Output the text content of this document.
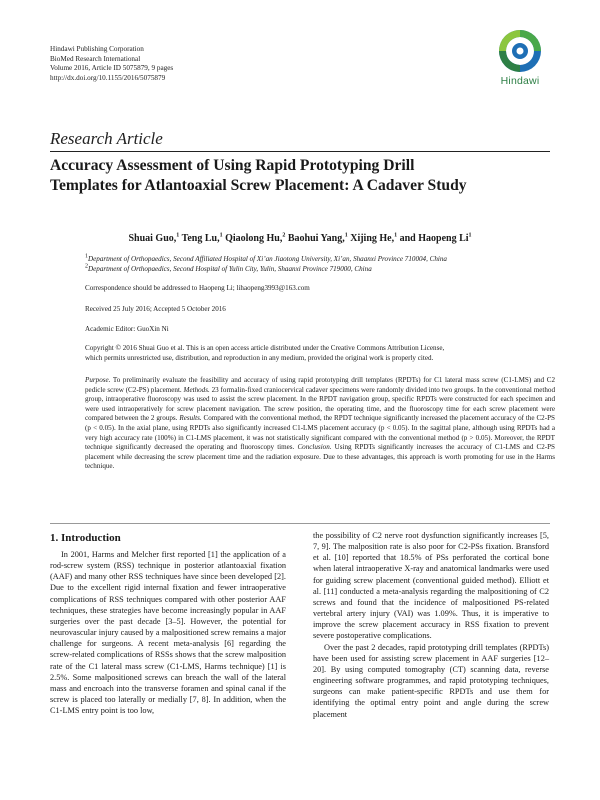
Hindawi Publishing Corporation
BioMed Research International
Volume 2016, Article ID 5075879, 9 pages
http://dx.doi.org/10.1155/2016/5075879	Hindawi
Research Article
Accuracy Assessment of Using Rapid Prototyping Drill
Templates for Atlantoaxial Screw Placement: A Cadaver Study
Shuai Guo,$^1$ Teng Lu,$^1$ Qiaolong Hu,$^2$ Baohui Yang,$^1$ Xijing He,$^1$ and Haopeng Li$^1$
$^1$Department of Orthopaedics, Second Affiliated Hospital of Xi’an Jiaotong University, Xi’an, Shaanxi Province 710004, China
$^2$Department of Orthopaedics, Second Hospital of Yulin City, Yulin, Shaanxi Province 719000, China
Correspondence should be addressed to Haopeng Li; lihaopeng3993@163.com
Received 25 July 2016; Accepted 5 October 2016
Academic Editor: GuoXin Ni
Copyright © 2016 Shuai Guo et al. This is an open access article distributed under the Creative Commons Attribution License,
which permits unrestricted use, distribution, and reproduction in any medium, provided the original work is properly cited.
Purpose. To preliminarily evaluate the feasibility and accuracy of using rapid prototyping drill templates (RPDTs) for C1 lateral mass screw (C1-LMS) and C2 pedicle screw (C2-PS) placement. Methods. 23 formalin-fixed craniocervical cadaver specimens were randomly divided into two groups. In the conventional method group, intraoperative fluoroscopy was used to assist the screw placement. In the RPDT navigation group, specific RPDTs were constructed for each specimen and were used intraoperatively for screw placement navigation. The screw position, the operating time, and the fluoroscopy time for each screw placement were compared between the 2 groups. Results. Compared with the conventional method, the RPDT technique significantly increased the placement accuracy of the C2-PS (p < 0.05). In the axial plane, using RPDTs also significantly increased C1-LMS placement accuracy (p < 0.05). In the sagittal plane, although using RPDTs had a very high accuracy rate (100%) in C1-LMS placement, it was not statistically significant compared with the conventional method (p > 0.05). Moreover, the RPDT technique significantly decreased the operating and fluoroscopy times. Conclusion. Using RPDTs significantly increases the accuracy of C1-LMS and C2-PS placement while decreasing the screw placement time and the radiation exposure. Due to these advantages, this approach is worth promoting for use in the Harms technique.
1. Introduction

In 2001, Harms and Melcher first reported [1] the application of a rod-screw system (RSS) technique in posterior atlantoaxial fixation (AAF) and many other RSS techniques have since been developed [2]. Due to the excellent rigid internal fixation and fewer intraoperative complications of RSS techniques compared with other posterior AAF techniques, these strategies have become increasingly popular in AAF surgeries over the past decade [3–5]. However, the potential for neurovascular injury caused by a malpositioned screw remains a major challenge for surgeons. A recent meta-analysis [6] regarding the screw-related complications of RSSs shows that the screw malposition rate of the C1 lateral mass screw (C1-LMS, Harms technique) [1] is 2.5%. Some malpositioned screws can breach the wall of the lateral mass and encroach into the transverse foramen and spinal canal if the screw is placed too laterally or medially [7, 8]. In addition, when the C1-LMS entry point is too low,

the possibility of C2 nerve root dysfunction significantly increases [5, 7, 9]. The malposition rate is also poor for C2-PSs fixation. Bransford et al. [10] reported that 18.5% of PSs perforated the cortical bone when lateral intraoperative X-ray and anatomical landmarks were used for guiding screw placement (conventional guided method). Elliott et al. [11] conducted a meta-analysis regarding the malpositioning of C2 screws and found that the incidence of malpositioned PS-related vertebral artery injury (VAI) was 1.09%. Thus, it is imperative to improve the screw placement accuracy in RSS fixation to prevent severe postoperative complications.

Over the past 2 decades, rapid prototyping drill templates (RPDTs) have been used for assisting screw placement in AAF surgeries [12–20]. By using computed tomography (CT) scanning data, reverse engineering software programmes, and rapid prototyping techniques, surgeons can make patient-specific RPDTs and use them for identifying the optimal entry point and angle during the screw placement
